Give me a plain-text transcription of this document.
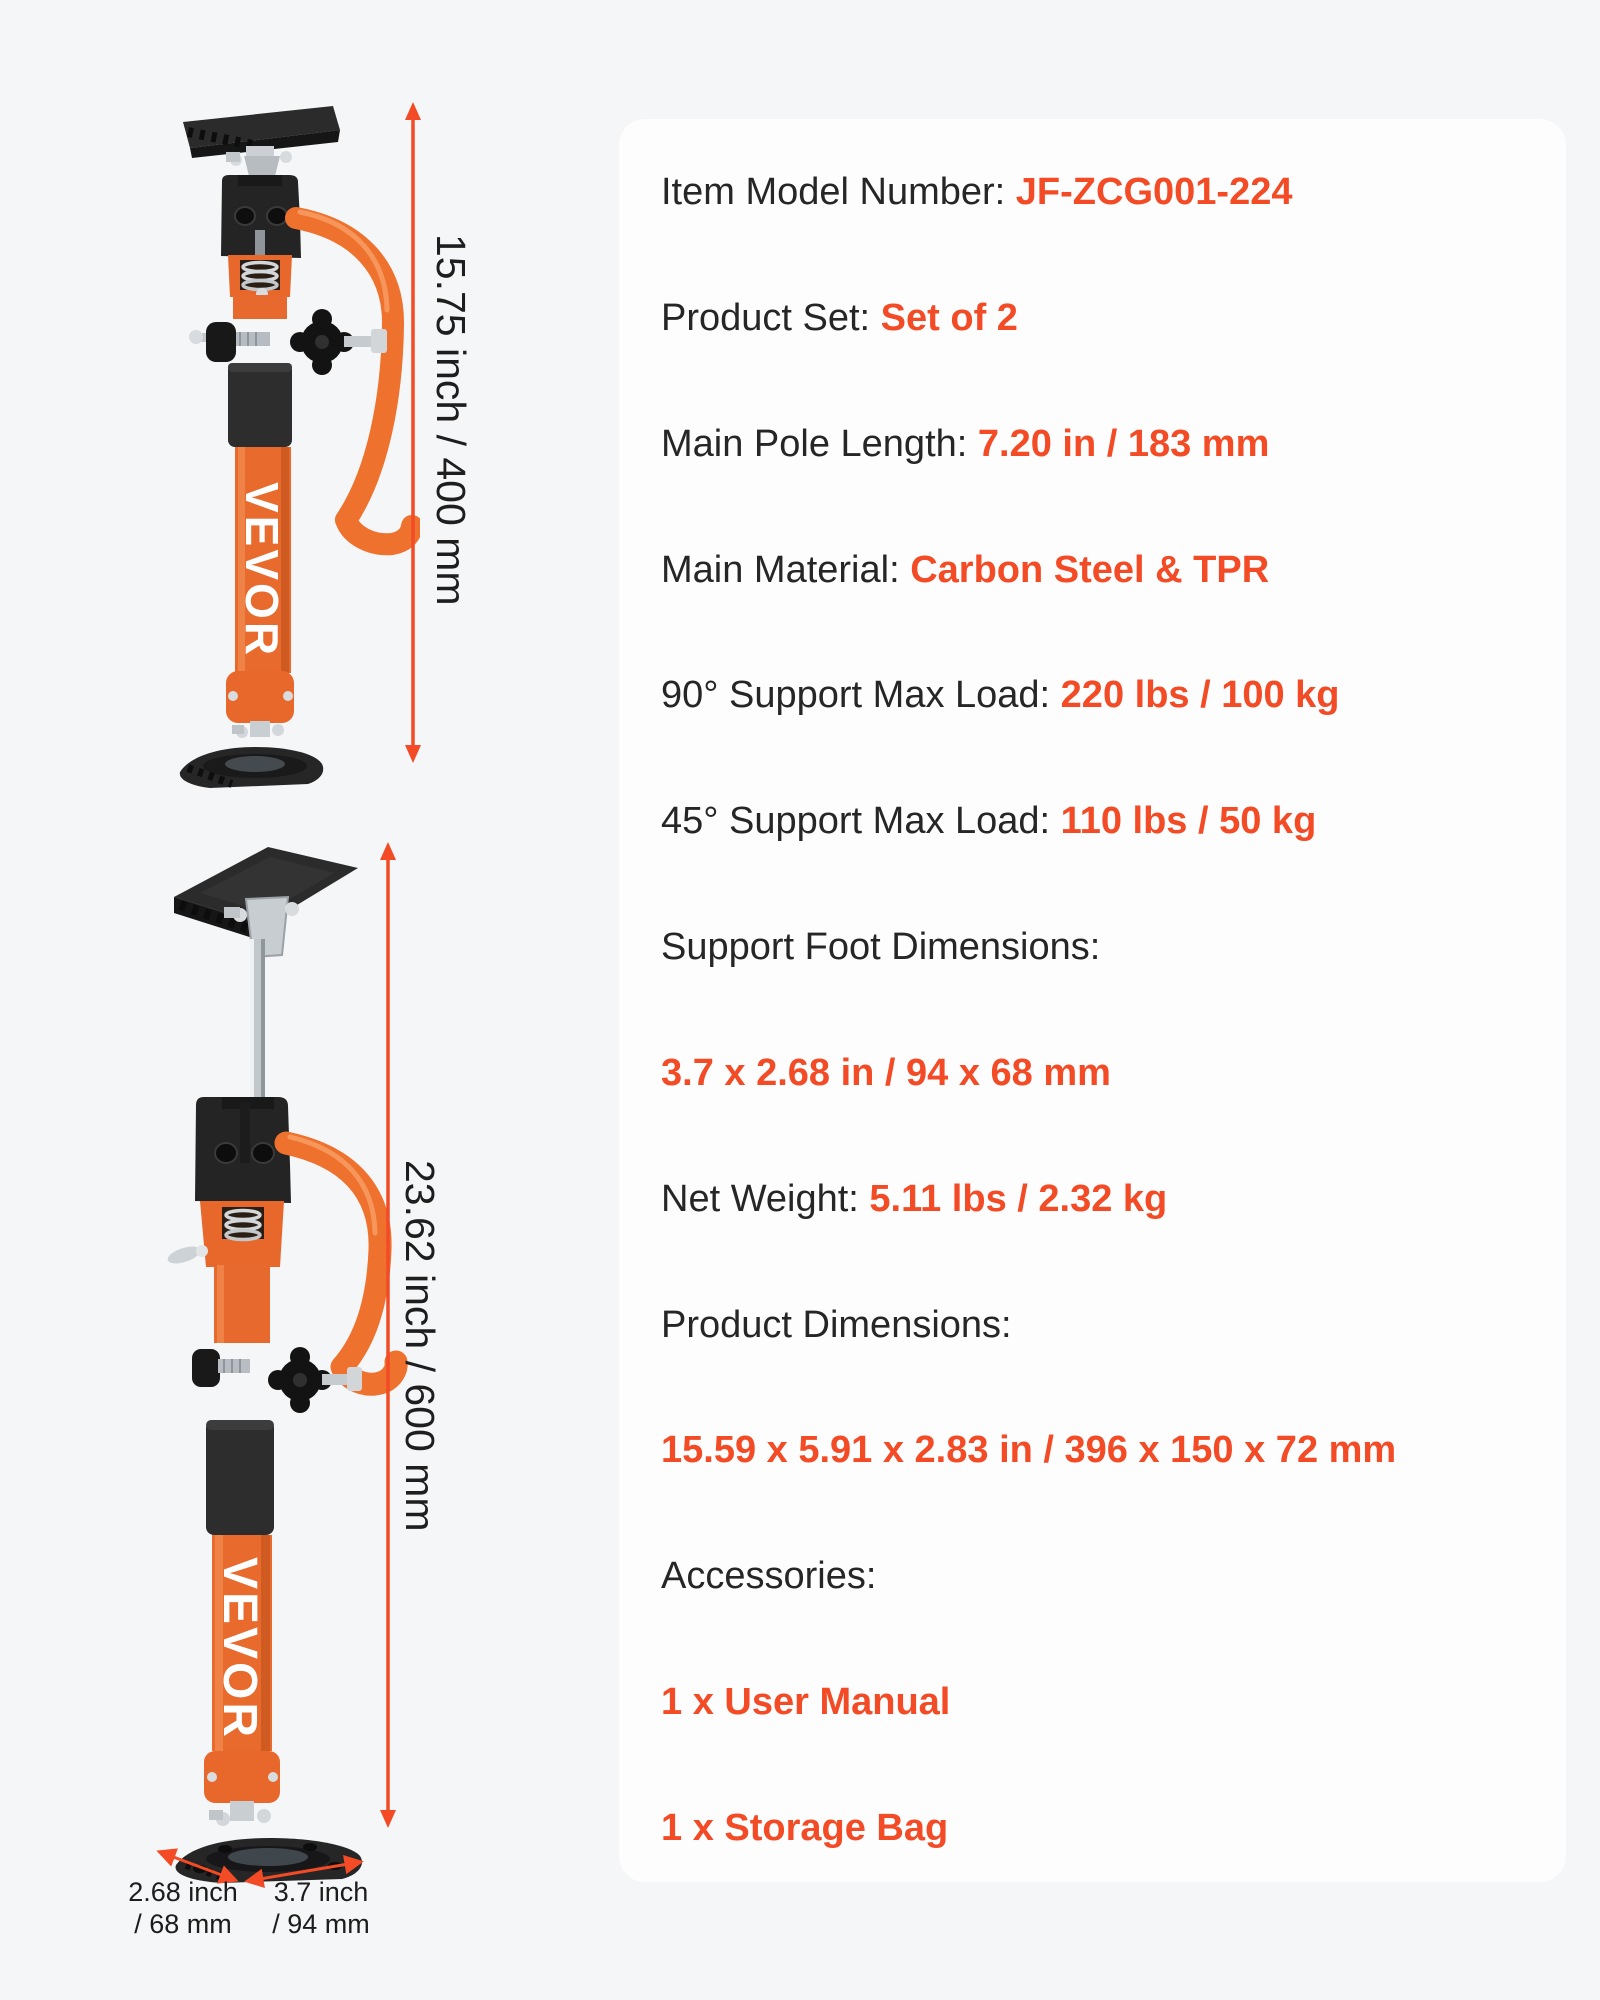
VEVOR	15.75 inch / 400 mm
VEVOR
23.62 inch / 600 mm
2.68 inch
/ 68 mm
3.7 inch
/ 94 mm
Item Model Number: JF-ZCG001-224
Product Set: Set of 2
Main Pole Length: 7.20 in / 183 mm
Main Material: Carbon Steel & TPR
90° Support Max Load: 220 lbs / 100 kg
45° Support Max Load: 110 lbs / 50 kg
Support Foot Dimensions:
3.7 x 2.68 in / 94 x 68 mm
Net Weight: 5.11 lbs / 2.32 kg
Product Dimensions:
15.59 x 5.91 x 2.83 in / 396 x 150 x 72 mm
Accessories:
1 x User Manual
1 x Storage Bag
